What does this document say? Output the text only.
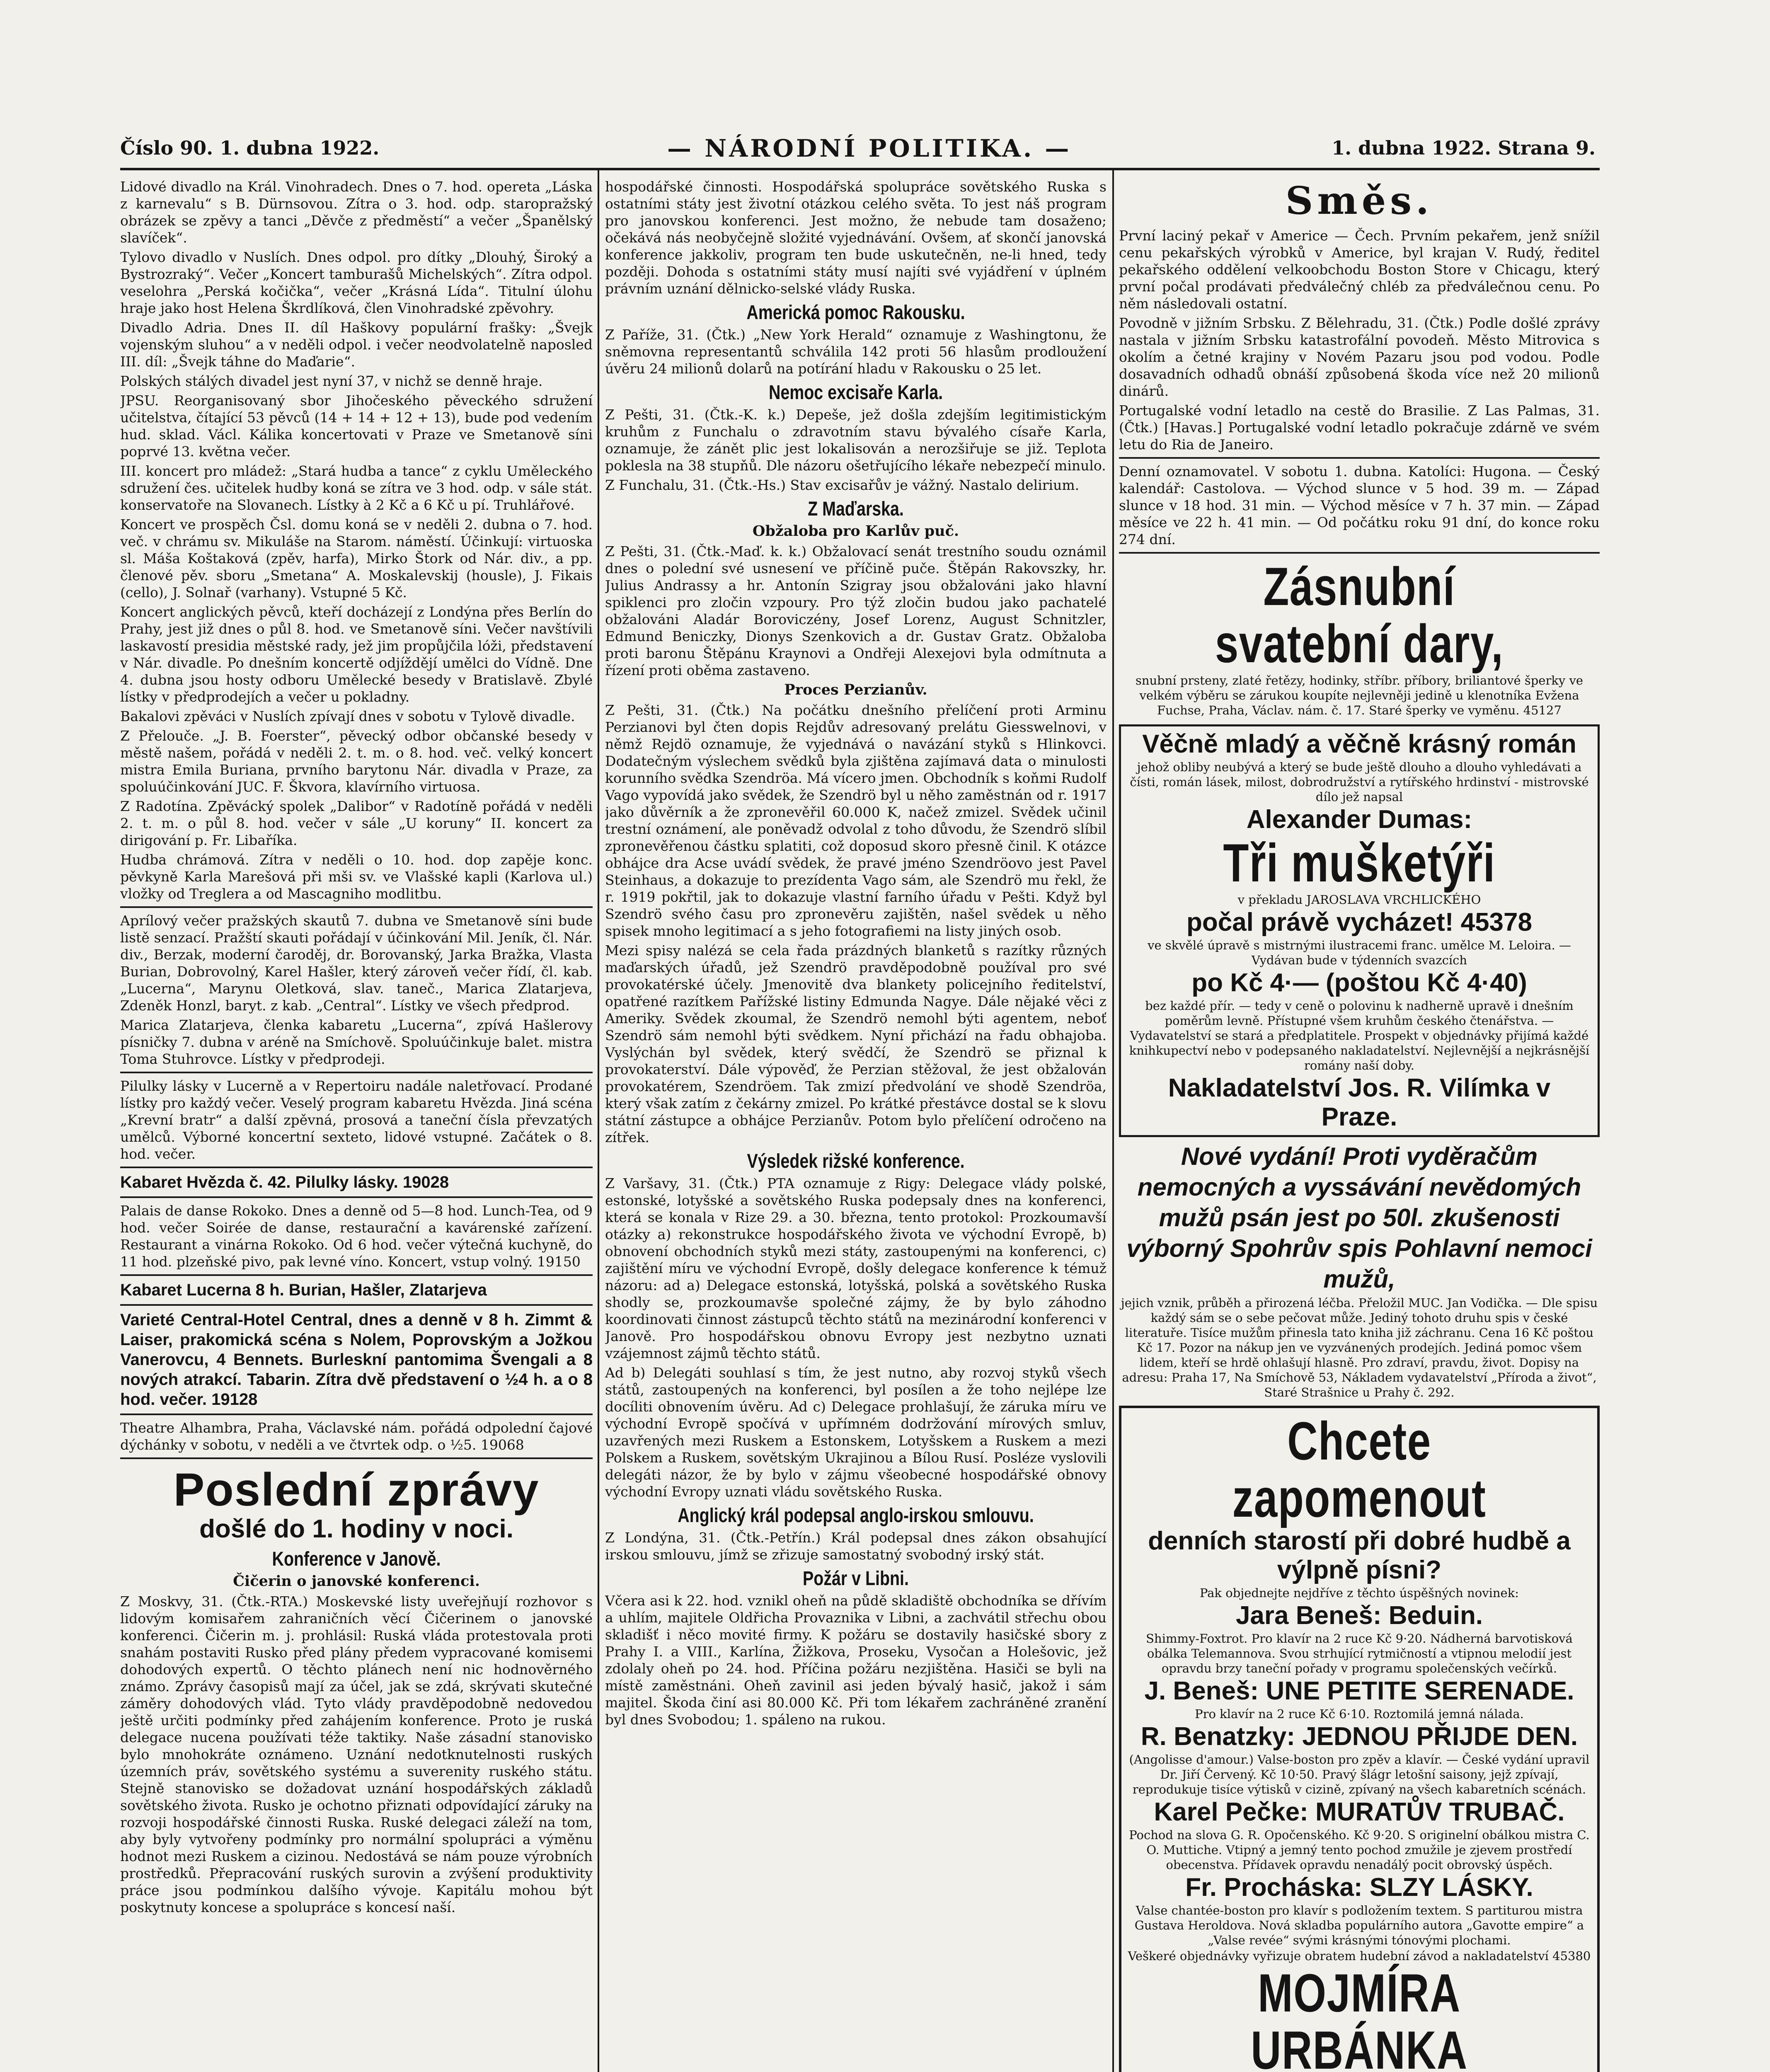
Číslo 90. 1. dubna 1922.	— NÁRODNÍ POLITIKA. —	1. dubna 1922. Strana 9.

Lidové divadlo na Král. Vinohradech. Dnes o 7. hod. opereta „Láska z karnevalu“ s B. Dürnsovou. Zítra o 3. hod. odp. staropražský obrázek se zpěvy a tanci „Děvče z předměstí“ a večer „Španělský slavíček“.

Tylovo divadlo v Nuslích. Dnes odpol. pro dítky „Dlouhý, Široký a Bystrozraký“. Večer „Koncert tamburašů Michelských“. Zítra odpol. veselohra „Perská kočička“, večer „Krásná Lída“. Titulní úlohu hraje jako host Helena Škrdlíková, člen Vinohradské zpěvohry.

Divadlo Adria. Dnes II. díl Haškovy populární frašky: „Švejk vojenským sluhou“ a v neděli odpol. i večer neodvolatelně naposled III. díl: „Švejk táhne do Maďarie“.

Polských stálých divadel jest nyní 37, v nichž se denně hraje.

JPSU. Reorganisovaný sbor Jihočeského pěveckého sdružení učitelstva, čítající 53 pěvců (14 + 14 + 12 + 13), bude pod vedením hud. sklad. Václ. Kálika koncertovati v Praze ve Smetanově síni poprvé 13. května večer.

III. koncert pro mládež: „Stará hudba a tance“ z cyklu Uměleckého sdružení čes. učitelek hudby koná se zítra ve 3 hod. odp. v sále stát. konservatoře na Slovanech. Lístky à 2 Kč a 6 Kč u pí. Truhlářové.

Koncert ve prospěch Čsl. domu koná se v neděli 2. dubna o 7. hod. več. v chrámu sv. Mikuláše na Starom. náměstí. Účinkují: virtuoska sl. Máša Koštaková (zpěv, harfa), Mirko Štork od Nár. div., a pp. členové pěv. sboru „Smetana“ A. Moskalevskij (housle), J. Fikais (cello), J. Solnař (varhany). Vstupné 5 Kč.

Koncert anglických pěvců, kteří docházejí z Londýna přes Berlín do Prahy, jest již dnes o půl 8. hod. ve Smetanově síni. Večer navštívili laskavostí presidia městské rady, jež jim propůjčila lóži, představení v Nár. divadle. Po dnešním koncertě odjíždějí umělci do Vídně. Dne 4. dubna jsou hosty odboru Umělecké besedy v Bratislavě. Zbylé lístky v předprodejích a večer u pokladny.

Bakalovi zpěváci v Nuslích zpívají dnes v sobotu v Tylově divadle.

Z Přelouče. „J. B. Foerster“, pěvecký odbor občanské besedy v městě našem, pořádá v neděli 2. t. m. o 8. hod. več. velký koncert mistra Emila Buriana, prvního barytonu Nár. divadla v Praze, za spoluúčinkování JUC. F. Škvora, klavírního virtuosa.

Z Radotína. Zpěvácký spolek „Dalibor“ v Radotíně pořádá v neděli 2. t. m. o půl 8. hod. večer v sále „U koruny“ II. koncert za dirigování p. Fr. Libaříka.

Hudba chrámová. Zítra v neděli o 10. hod. dop zapěje konc. pěvkyně Karla Marešová při mši sv. ve Vlašské kapli (Karlova ul.) vložky od Treglera a od Mascagniho modlitbu.

Aprílový večer pražských skautů 7. dubna ve Smetanově síni bude listě senzací. Pražští skauti pořádají v účinkování Mil. Jeník, čl. Nár. div., Berzak, moderní čaroděj, dr. Borovanský, Jarka Bražka, Vlasta Burian, Dobrovolný, Karel Hašler, který zároveň večer řídí, čl. kab. „Lucerna“, Marynu Oletková, slav. taneč., Marica Zlatarjeva, Zdeněk Honzl, baryt. z kab. „Central“. Lístky ve všech předprod.

Marica Zlatarjeva, členka kabaretu „Lucerna“, zpívá Hašlerovy písničky 7. dubna v aréně na Smíchově. Spoluúčinkuje balet. mistra Toma Stuhrovce. Lístky v předprodeji.

Pilulky lásky v Lucerně a v Repertoiru nadále naletřovací. Prodané lístky pro každý večer. Veselý program kabaretu Hvězda. Jiná scéna „Krevní bratr“ a další zpěvná, prosová a taneční čísla převzatých umělců. Výborné koncertní sexteto, lidové vstupné. Začátek o 8. hod. večer.

Kabaret Hvězda č. 42. Pilulky lásky. 19028

Palais de danse Rokoko. Dnes a denně od 5—8 hod. Lunch-Tea, od 9 hod. večer Soirée de danse, restaurační a kavárenské zařízení. Restaurant a vinárna Rokoko. Od 6 hod. večer výtečná kuchyně, do 11 hod. plzeňské pivo, pak levné víno. Koncert, vstup volný. 19150

Kabaret Lucerna 8 h. Burian, Hašler, Zlatarjeva

Varieté Central-Hotel Central, dnes a denně v 8 h. Zimmt & Laiser, prakomická scéna s Nolem, Poprovským a Jožkou Vanerovcu, 4 Bennets. Burleskní pantomima Švengali a 8 nových atrakcí. Tabarin. Zítra dvě představení o ½4 h. a o 8 hod. večer. 19128

Theatre Alhambra, Praha, Václavské nám. pořádá odpolední čajové dýchánky v sobotu, v neděli a ve čtvrtek odp. o ½5. 19068

Poslední zprávy
došlé do 1. hodiny v noci.
Konference v Janově.
Čičerin o janovské konferenci.

Z Moskvy, 31. (Čtk.-RTA.) Moskevské listy uveřejňují rozhovor s lidovým komisařem zahraničních věcí Čičerinem o janovské konferenci. Čičerin m. j. prohlásil: Ruská vláda protestovala proti snahám postaviti Rusko před plány předem vypracované komisemi dohodových expertů. O těchto plánech není nic hodnověrného známo. Zprávy časopisů mají za účel, jak se zdá, skrývati skutečné záměry dohodových vlád. Tyto vlády pravděpodobně nedovedou ještě určiti podmínky před zahájením konference. Proto je ruská delegace nucena používati téže taktiky. Naše zásadní stanovisko bylo mnohokráte oznámeno. Uznání nedotknutelnosti ruských územních práv, sovětského systému a suverenity ruského státu. Stejně stanovisko se dožadovat uznání hospodářských základů sovětského života. Rusko je ochotno přiznati odpovídající záruky na rozvoji hospodářské činnosti Ruska. Ruské delegaci záleží na tom, aby byly vytvořeny podmínky pro normální spolupráci a výměnu hodnot mezi Ruskem a cizinou. Nedostává se nám pouze výrobních prostředků. Přepracování ruských surovin a zvýšení produktivity práce jsou podmínkou dalšího vývoje. Kapitálu mohou být poskytnuty koncese a spolupráce s koncesí naší.

hospodářské činnosti. Hospodářská spolupráce sovětského Ruska s ostatními státy jest životní otázkou celého světa. To jest náš program pro janovskou konferenci. Jest možno, že nebude tam dosaženo; očekává nás neobyčejně složité vyjednávání. Ovšem, ať skončí janovská konference jakkoliv, program ten bude uskutečněn, ne-li hned, tedy později. Dohoda s ostatními státy musí najíti své vyjádření v úplném právním uznání dělnicko-selské vlády Ruska.

Americká pomoc Rakousku.

Z Paříže, 31. (Čtk.) „New York Herald“ oznamuje z Washingtonu, že sněmovna representantů schválila 142 proti 56 hlasům prodloužení úvěru 24 milionů dolarů na potírání hladu v Rakousku o 25 let.

Nemoc excisaře Karla.

Z Pešti, 31. (Čtk.-K. k.) Depeše, jež došla zdejším legitimistickým kruhům z Funchalu o zdravotním stavu bývalého císaře Karla, oznamuje, že zánět plic jest lokalisován a nerozšiřuje se již. Teplota poklesla na 38 stupňů. Dle názoru ošetřujícího lékaře nebezpečí minulo.

Z Funchalu, 31. (Čtk.-Hs.) Stav excisařův je vážný. Nastalo delirium.

Z Maďarska.
Obžaloba pro Karlův puč.

Z Pešti, 31. (Čtk.-Maď. k. k.) Obžalovací senát trestního soudu oznámil dnes o polední své usnesení ve příčině puče. Štěpán Rakovszky, hr. Julius Andrassy a hr. Antonín Szigray jsou obžalováni jako hlavní spiklenci pro zločin vzpoury. Pro týž zločin budou jako pachatelé obžalováni Aladár Boroviczény, Josef Lorenz, August Schnitzler, Edmund Beniczky, Dionys Szenkovich a dr. Gustav Gratz. Obžaloba proti baronu Štěpánu Kraynovi a Ondřeji Alexejovi byla odmítnuta a řízení proti oběma zastaveno.

Proces Perzianův.

Z Pešti, 31. (Čtk.) Na počátku dnešního přelíčení proti Arminu Perzianovi byl čten dopis Rejdův adresovaný prelátu Giesswelnovi, v němž Rejdö oznamuje, že vyjednává o navázání styků s Hlinkovci. Dodatečným výslechem svědků byla zjištěna zajímavá data o minulosti korunního svědka Szendröa. Má vícero jmen. Obchodník s koňmi Rudolf Vago vypovídá jako svědek, že Szendrö byl u něho zaměstnán od r. 1917 jako důvěrník a že zpronevěřil 60.000 K, načež zmizel. Svědek učinil trestní oznámení, ale poněvadž odvolal z toho důvodu, že Szendrö slíbil zpronevěřenou částku splatiti, což doposud skoro přesně činil. K otázce obhájce dra Acse uvádí svědek, že pravé jméno Szendröovo jest Pavel Steinhaus, a dokazuje to prezídenta Vago sám, ale Szendrö mu řekl, že r. 1919 pokřtil, jak to dokazuje vlastní farního úřadu v Pešti. Když byl Szendrö svého času pro zpronevěru zajištěn, našel svědek u něho spisek mnoho legitimací a s jeho fotografiemi na listy jiných osob.

Mezi spisy nalézá se cela řada prázdných blanketů s razítky různých maďarských úřadů, jež Szendrö pravděpodobně používal pro své provokatérské účely. Jmenovitě dva blankety policejního ředitelství, opatřené razítkem Pařížské listiny Edmunda Nagye. Dále nějaké věci z Ameriky. Svědek zkoumal, že Szendrö nemohl býti agentem, neboť Szendrö sám nemohl býti svědkem. Nyní přichází na řadu obhajoba. Vyslýchán byl svědek, který svědčí, že Szendrö se přiznal k provokaterství. Dále výpověď, že Perzian stěžoval, že jest obžalován provokatérem, Szendröem. Tak zmizí předvolání ve shodě Szendröa, který však zatím z čekárny zmizel. Po krátké přestávce dostal se k slovu státní zástupce a obhájce Perzianův. Potom bylo přelíčení odročeno na zítřek.

Výsledek rižské konference.

Z Varšavy, 31. (Čtk.) PTA oznamuje z Rigy: Delegace vlády polské, estonské, lotyšské a sovětského Ruska podepsaly dnes na konferenci, která se konala v Rize 29. a 30. března, tento protokol: Prozkoumavší otázky a) rekonstrukce hospodářského života ve východní Evropě, b) obnovení obchodních styků mezi státy, zastoupenými na konferenci, c) zajištění míru ve východní Evropě, došly delegace konference k témuž názoru: ad a) Delegace estonská, lotyšská, polská a sovětského Ruska shodly se, prozkoumavše společné zájmy, že by bylo záhodno koordinovati činnost zástupců těchto států na mezinárodní konferenci v Janově. Pro hospodářskou obnovu Evropy jest nezbytno uznati vzájemnost zájmů těchto států.

Ad b) Delegáti souhlasí s tím, že jest nutno, aby rozvoj styků všech států, zastoupených na konferenci, byl posílen a že toho nejlépe lze docíliti obnovením úvěru. Ad c) Delegace prohlašují, že záruka míru ve východní Evropě spočívá v upřímném dodržování mírových smluv, uzavřených mezi Ruskem a Estonskem, Lotyšskem a Ruskem a mezi Polskem a Ruskem, sovětským Ukrajinou a Bílou Rusí. Posléze vyslovili delegáti názor, že by bylo v zájmu všeobecné hospodářské obnovy východní Evropy uznati vládu sovětského Ruska.

Anglický král podepsal anglo-irskou smlouvu.

Z Londýna, 31. (Čtk.-Petřín.) Král podepsal dnes zákon obsahující irskou smlouvu, jímž se zřizuje samostatný svobodný irský stát.

Požár v Libni.

Včera asi k 22. hod. vznikl oheň na půdě skladiště obchodníka se dřívím a uhlím, majitele Oldřicha Provaznika v Libni, a zachvátil střechu obou skladišť i něco movité firmy. K požáru se dostavily hasičské sbory z Prahy I. a VIII., Karlína, Žižkova, Proseku, Vysočan a Holešovic, jež zdolaly oheň po 24. hod. Příčina požáru nezjištěna. Hasiči se byli na místě zaměstnáni. Oheň zavinil asi jeden bývalý hasič, jakož i sám majitel. Škoda činí asi 80.000 Kč. Při tom lékařem zachráněné zranění byl dnes Svobodou; 1. spáleno na rukou.

Směs.

První laciný pekař v Americe — Čech. Prvním pekařem, jenž snížil cenu pekařských výrobků v Americe, byl krajan V. Rudý, ředitel pekařského oddělení velkoobchodu Boston Store v Chicagu, který první počal prodávati předválečný chléb za předválečnou cenu. Po něm následovali ostatní.

Povodně v jižním Srbsku. Z Bělehradu, 31. (Čtk.) Podle došlé zprávy nastala v jižním Srbsku katastrofální povodeň. Město Mitrovica s okolím a četné krajiny v Novém Pazaru jsou pod vodou. Podle dosavadních odhadů obnáší způsobená škoda více než 20 milionů dinárů.

Portugalské vodní letadlo na cestě do Brasilie. Z Las Palmas, 31. (Čtk.) [Havas.] Portugalské vodní letadlo pokračuje zdárně ve svém letu do Ria de Janeiro.

Denní oznamovatel. V sobotu 1. dubna. Katolíci: Hugona. — Český kalendář: Castolova. — Východ slunce v 5 hod. 39 m. — Západ slunce v 18 hod. 31 min. — Východ měsíce v 7 h. 37 min. — Západ měsíce ve 22 h. 41 min. — Od počátku roku 91 dní, do konce roku 274 dní.

Zásnubní svatební dary,
snubní prsteny, zlaté řetězy, hodinky, stříbr. příbory, briliantové šperky ve velkém výběru se zárukou koupíte nejlevněji jedině u klenotníka Evžena Fuchse, Praha, Václav. nám. č. 17. Staré šperky ve vyměnu. 45127
Věčně mladý a věčně krásný román
jehož obliby neubývá a který se bude ještě dlouho a dlouho vyhledávati a čísti, román lásek, milost, dobrodružství a rytířského hrdinství - mistrovské dílo jež napsal
Alexander Dumas:
Tři mušketýři
v překladu JAROSLAVA VRCHLICKÉHO
počal právě vycházet! 45378
ve skvělé úpravě s mistrnými ilustracemi franc. umělce M. Leloira. — Vydávan bude v týdenních svazcích
po Kč 4·— (poštou Kč 4·40)
bez každé přír. — tedy v ceně o polovinu k nadherně upravě i dnešním poměrům levně. Přístupné všem kruhům českého čtenářstva. — Vydavatelství se stará a předplatitele. Prospekt v objednávky přijímá každé knihkupectví nebo v podepsaného nakladatelství. Nejlevnější a nejkrásnější romány naší doby.
Nakladatelství Jos. R. Vilímka v Praze.
Nové vydání! Proti vyděračům nemocných a vyssávání nevědomých mužů psán jest po 50l. zkušenosti výborný Spohrův spis Pohlavní nemoci mužů,
jejich vznik, průběh a přirozená léčba. Přeložil MUC. Jan Vodička. — Dle spisu každý sám se o sebe pečovat může. Jediný tohoto druhu spis v české literatuře. Tisíce mužům přinesla tato kniha již záchranu. Cena 16 Kč poštou Kč 17. Pozor na nákup jen ve vyzvánených prodejích. Jediná pomoc všem lidem, kteří se hrdě ohlašují hlasně. Pro zdraví, pravdu, život. Dopisy na adresu: Praha 17, Na Smíchově 53, Nákladem vydavatelství „Příroda a život“, Staré Strašnice u Prahy č. 292.
Chcete zapomenout
denních starostí při dobré hudbě a výlpně písni?
Pak objednejte nejdříve z těchto úspěšných novinek:
Jara Beneš: Beduin.
Shimmy-Foxtrot. Pro klavír na 2 ruce Kč 9·20. Nádherná barvotisková obálka Telemannova. Svou strhující rytmičností a vtipnou melodií jest opravdu brzy taneční pořady v programu společenských večírků.
J. Beneš: UNE PETITE SERENADE.
Pro klavír na 2 ruce Kč 6·10. Roztomilá jemná nálada.
R. Benatzky: JEDNOU PŘIJDE DEN.
(Angolisse d'amour.) Valse-boston pro zpěv a klavír. — České vydání upravil Dr. Jiří Červený. Kč 10·50. Pravý šlágr letošní saisony, jejž zpívají, reprodukuje tisíce výtisků v cizině, zpívaný na všech kabaretních scénách.
Karel Pečke: MURATŮV TRUBAČ.
Pochod na slova G. R. Opočenského. Kč 9·20. S originelní obálkou mistra C. O. Muttiche. Vtipný a jemný tento pochod zmužile je zjevem prostředí obecenstva. Přídavek opravdu nenadálý pocit obrovský úspěch.
Fr. Procháska: SLZY LÁSKY.
Valse chantée-boston pro klavír s podložením textem. S partiturou mistra Gustava Heroldova. Nová skladba populárního autora „Gavotte empire“ a „Valse revée“ svými krásnými tónovými plochami.
Veškeré objednávky vyřizuje obratem hudební závod a nakladatelství 45380
MOJMÍRA URBÁNKA
